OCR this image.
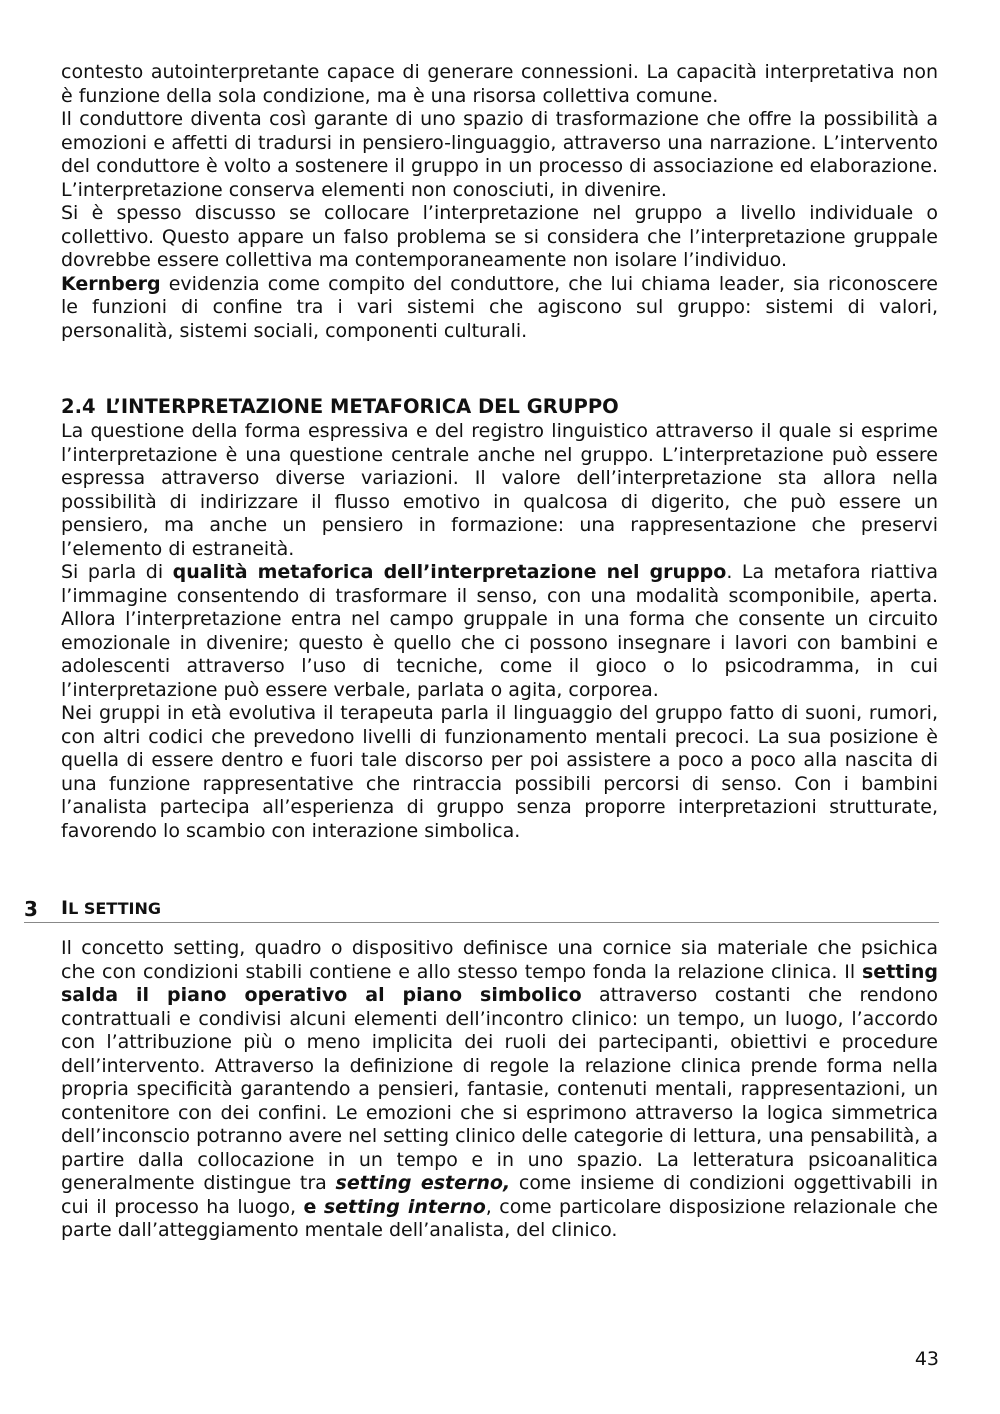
contesto autointerpretante capace di generare connessioni. La capacità interpretativa non è funzione della sola condizione, ma è una risorsa collettiva comune.

Il conduttore diventa così garante di uno spazio di trasformazione che offre la possibilità a emozioni e affetti di tradursi in pensiero-linguaggio, attraverso una narrazione. L’intervento del conduttore è volto a sostenere il gruppo in un processo di associazione ed elaborazione. L’interpretazione conserva elementi non conosciuti, in divenire.

Si è spesso discusso se collocare l’interpretazione nel gruppo a livello individuale o collettivo. Questo appare un falso problema se si considera che l’interpretazione gruppale dovrebbe essere collettiva ma contemporaneamente non isolare l’individuo.

Kernberg evidenzia come compito del conduttore, che lui chiama leader, sia riconoscere le funzioni di confine tra i vari sistemi che agiscono sul gruppo: sistemi di valori, personalità, sistemi sociali, componenti culturali.

2.4 L’INTERPRETAZIONE METAFORICA DEL GRUPPO

La questione della forma espressiva e del registro linguistico attraverso il quale si esprime l’interpretazione è una questione centrale anche nel gruppo. L’interpretazione può essere espressa attraverso diverse variazioni. Il valore dell’interpretazione sta allora nella possibilità di indirizzare il flusso emotivo in qualcosa di digerito, che può essere un pensiero, ma anche un pensiero in formazione: una rappresentazione che preservi l’elemento di estraneità.

Si parla di qualità metaforica dell’interpretazione nel gruppo. La metafora riattiva l’immagine consentendo di trasformare il senso, con una modalità scomponibile, aperta. Allora l’interpretazione entra nel campo gruppale in una forma che consente un circuito emozionale in divenire; questo è quello che ci possono insegnare i lavori con bambini e adolescenti attraverso l’uso di tecniche, come il gioco o lo psicodramma, in cui l’interpretazione può essere verbale, parlata o agita, corporea.

Nei gruppi in età evolutiva il terapeuta parla il linguaggio del gruppo fatto di suoni, rumori, con altri codici che prevedono livelli di funzionamento mentali precoci. La sua posizione è quella di essere dentro e fuori tale discorso per poi assistere a poco a poco alla nascita di una funzione rappresentative che rintraccia possibili percorsi di senso. Con i bambini l’analista partecipa all’esperienza di gruppo senza proporre interpretazioni strutturate, favorendo lo scambio con interazione simbolica.

3 IL SETTING

Il concetto setting, quadro o dispositivo definisce una cornice sia materiale che psichica che con condizioni stabili contiene e allo stesso tempo fonda la relazione clinica. Il setting salda il piano operativo al piano simbolico attraverso costanti che rendono contrattuali e condivisi alcuni elementi dell’incontro clinico: un tempo, un luogo, l’accordo con l’attribuzione più o meno implicita dei ruoli dei partecipanti, obiettivi e procedure dell’intervento. Attraverso la definizione di regole la relazione clinica prende forma nella propria specificità garantendo a pensieri, fantasie, contenuti mentali, rappresentazioni, un contenitore con dei confini. Le emozioni che si esprimono attraverso la logica simmetrica dell’inconscio potranno avere nel setting clinico delle categorie di lettura, una pensabilità, a partire dalla collocazione in un tempo e in uno spazio. La letteratura psicoanalitica generalmente distingue tra setting esterno, come insieme di condizioni oggettivabili in cui il processo ha luogo, e setting interno, come particolare disposizione relazionale che parte dall’atteggiamento mentale dell’analista, del clinico.

43
